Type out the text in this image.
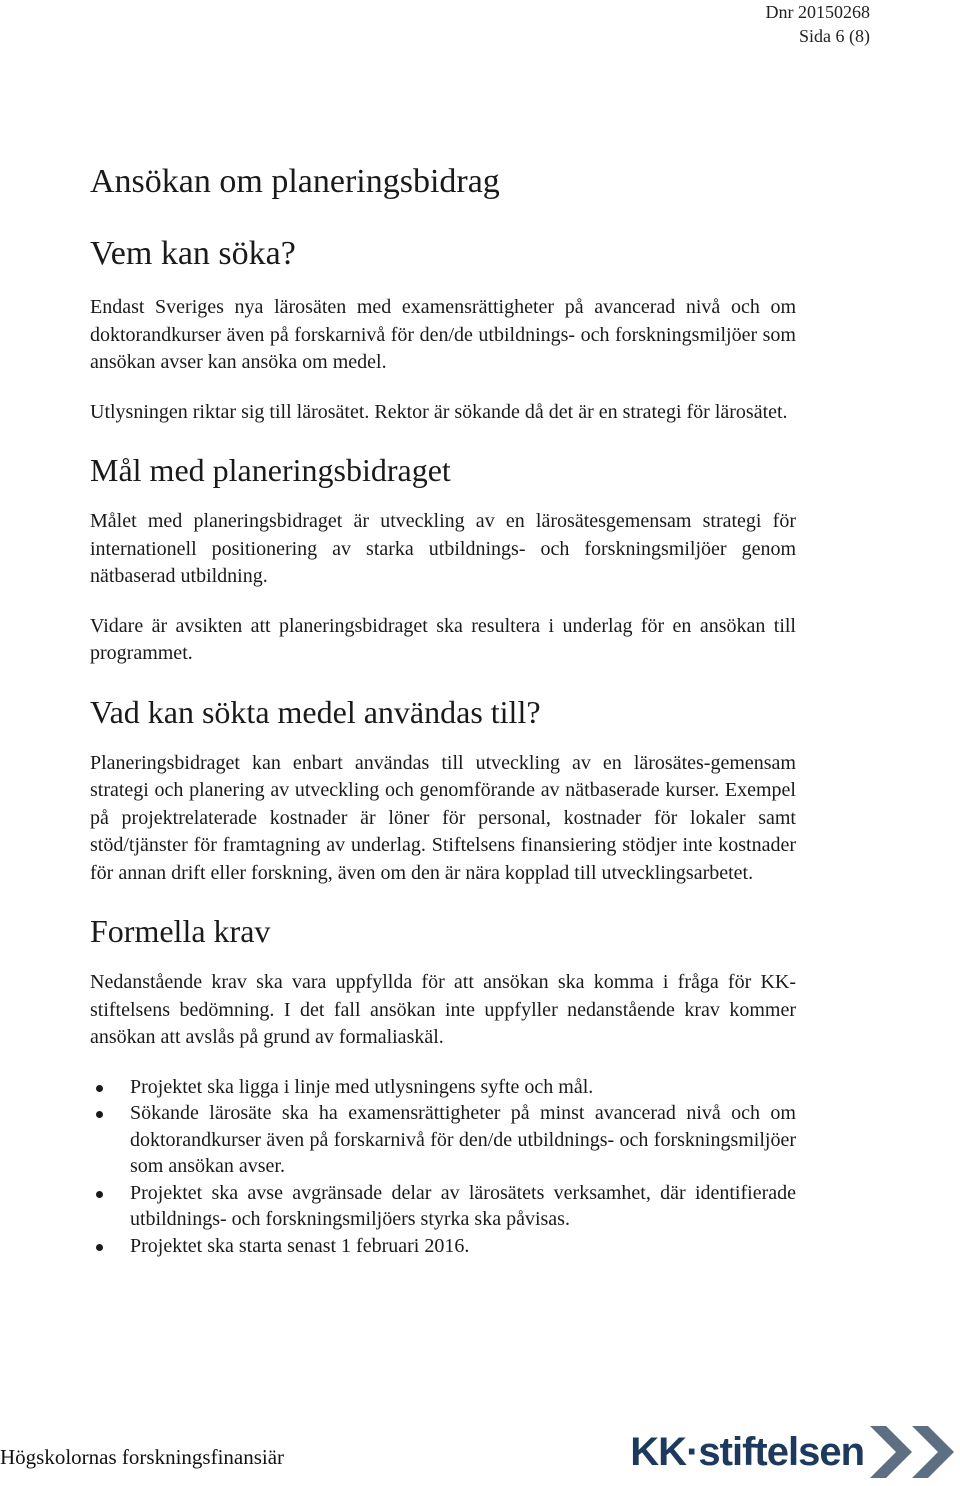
Dnr 20150268
Sida 6 (8)
Ansökan om planeringsbidrag
Vem kan söka?

Endast Sveriges nya lärosäten med examensrättigheter på avancerad nivå och om doktorandkurser även på forskarnivå för den/de utbildnings- och forskningsmiljöer som ansökan avser kan ansöka om medel.

Utlysningen riktar sig till lärosätet. Rektor är sökande då det är en strategi för lärosätet.

Mål med planeringsbidraget

Målet med planeringsbidraget är utveckling av en lärosätesgemensam strategi för internationell positionering av starka utbildnings- och forskningsmiljöer genom nätbaserad utbildning.

Vidare är avsikten att planeringsbidraget ska resultera i underlag för en ansökan till programmet.

Vad kan sökta medel användas till?

Planeringsbidraget kan enbart användas till utveckling av en lärosätes-gemensam strategi och planering av utveckling och genomförande av nätbaserade kurser. Exempel på projektrelaterade kostnader är löner för personal, kostnader för lokaler samt stöd/tjänster för framtagning av underlag. Stiftelsens finansiering stödjer inte kostnader för annan drift eller forskning, även om den är nära kopplad till utvecklingsarbetet.

Formella krav

Nedanstående krav ska vara uppfyllda för att ansökan ska komma i fråga för KK-stiftelsens bedömning. I det fall ansökan inte uppfyller nedanstående krav kommer ansökan att avslås på grund av formaliaskäl.

Projektet ska ligga i linje med utlysningens syfte och mål.
Sökande lärosäte ska ha examensrättigheter på minst avancerad nivå och om doktorandkurser även på forskarnivå för den/de utbildnings- och forskningsmiljöer som ansökan avser.
Projektet ska avse avgränsade delar av lärosätets verksamhet, där identifierade utbildnings- och forskningsmiljöers styrka ska påvisas.
Projektet ska starta senast 1 februari 2016.
Högskolornas forskningsfinansiär	KK·stiftelsen
